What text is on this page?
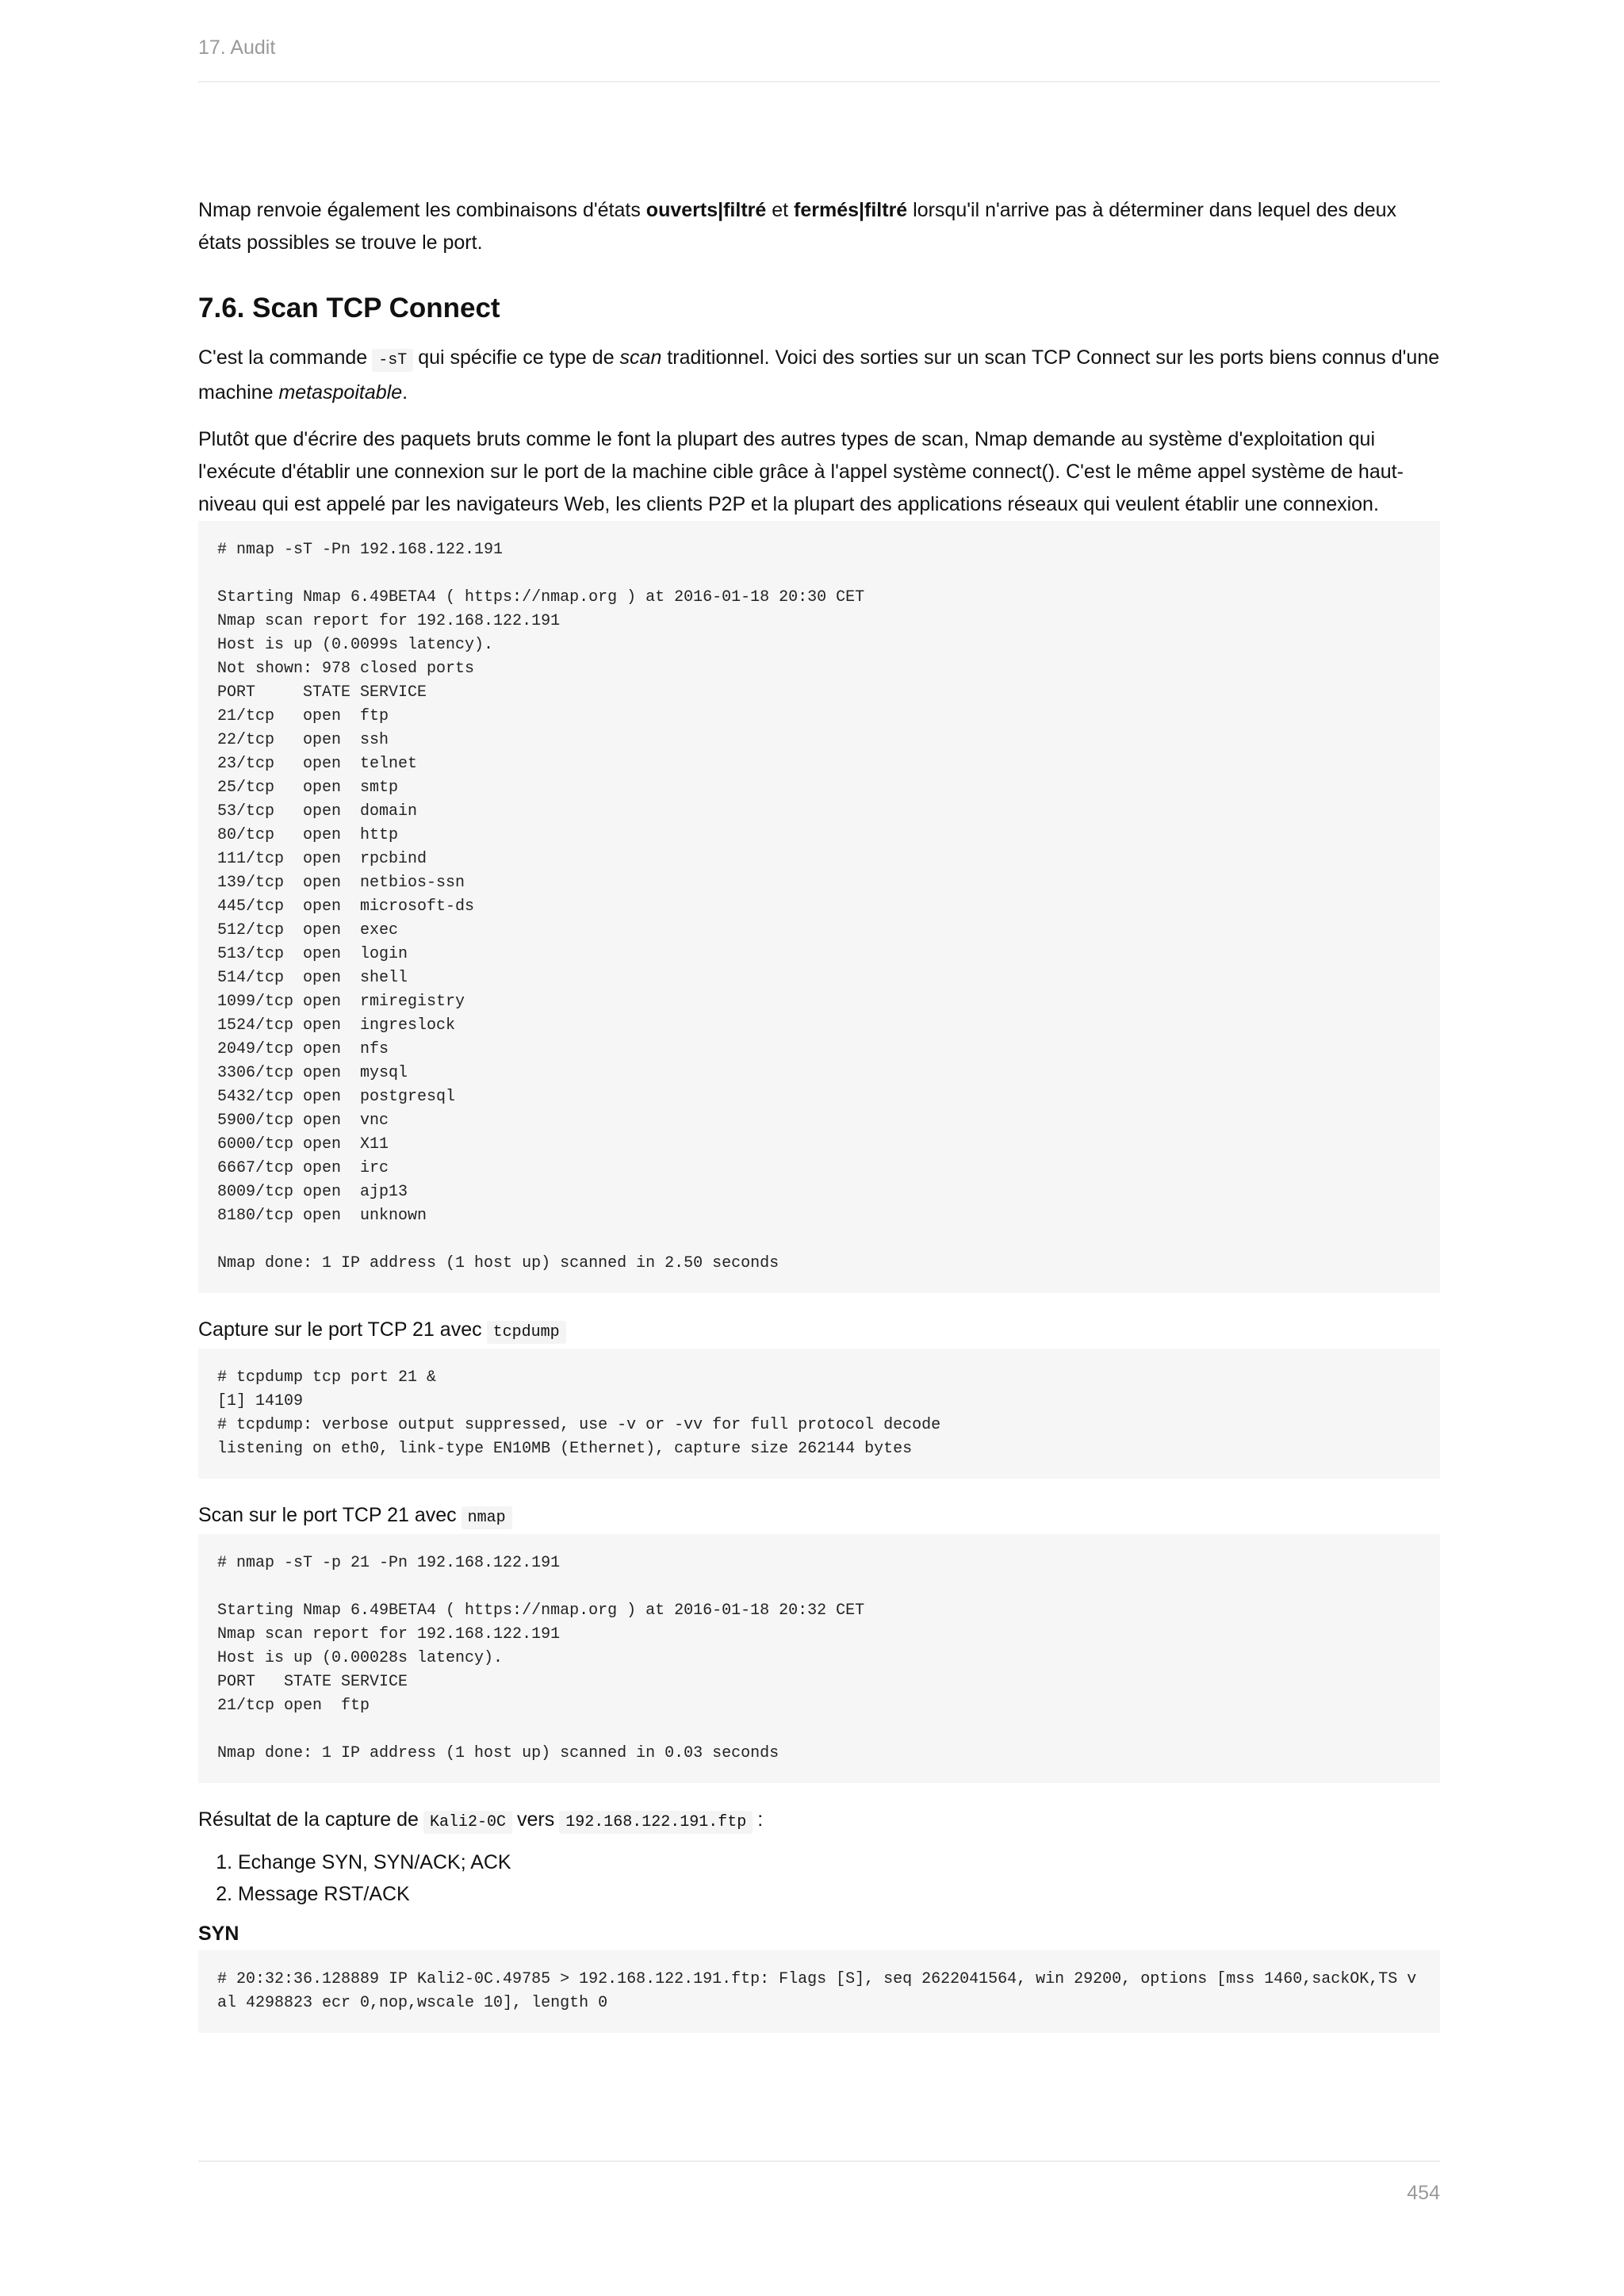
17. Audit

Nmap renvoie également les combinaisons d'états ouverts|filtré et fermés|filtré lorsqu'il n'arrive pas à déterminer dans lequel des deux états possibles se trouve le port.

7.6. Scan TCP Connect

C'est la commande -sT qui spécifie ce type de scan traditionnel. Voici des sorties sur un scan TCP Connect sur les ports biens connus d'une machine metaspoitable.

Plutôt que d'écrire des paquets bruts comme le font la plupart des autres types de scan, Nmap demande au système d'exploitation qui l'exécute d'établir une connexion sur le port de la machine cible grâce à l'appel système connect(). C'est le même appel système de haut-niveau qui est appelé par les navigateurs Web, les clients P2P et la plupart des applications réseaux qui veulent établir une connexion.

# nmap -sT -Pn 192.168.122.191

Starting Nmap 6.49BETA4 ( https://nmap.org ) at 2016-01-18 20:30 CET
Nmap scan report for 192.168.122.191
Host is up (0.0099s latency).
Not shown: 978 closed ports
PORT     STATE SERVICE
21/tcp   open  ftp
22/tcp   open  ssh
23/tcp   open  telnet
25/tcp   open  smtp
53/tcp   open  domain
80/tcp   open  http
111/tcp  open  rpcbind
139/tcp  open  netbios-ssn
445/tcp  open  microsoft-ds
512/tcp  open  exec
513/tcp  open  login
514/tcp  open  shell
1099/tcp open  rmiregistry
1524/tcp open  ingreslock
2049/tcp open  nfs
3306/tcp open  mysql
5432/tcp open  postgresql
5900/tcp open  vnc
6000/tcp open  X11
6667/tcp open  irc
8009/tcp open  ajp13
8180/tcp open  unknown

Nmap done: 1 IP address (1 host up) scanned in 2.50 seconds

Capture sur le port TCP 21 avec tcpdump

# tcpdump tcp port 21 &
[1] 14109
# tcpdump: verbose output suppressed, use -v or -vv for full protocol decode
listening on eth0, link-type EN10MB (Ethernet), capture size 262144 bytes

Scan sur le port TCP 21 avec nmap

# nmap -sT -p 21 -Pn 192.168.122.191

Starting Nmap 6.49BETA4 ( https://nmap.org ) at 2016-01-18 20:32 CET
Nmap scan report for 192.168.122.191
Host is up (0.00028s latency).
PORT   STATE SERVICE
21/tcp open  ftp

Nmap done: 1 IP address (1 host up) scanned in 0.03 seconds

Résultat de la capture de Kali2-0C vers 192.168.122.191.ftp :

1. Echange SYN, SYN/ACK; ACK
2. Message RST/ACK

SYN

# 20:32:36.128889 IP Kali2-0C.49785 > 192.168.122.191.ftp: Flags [S], seq 2622041564, win 29200, options [mss 1460,sackOK,TS val 4298823 ecr 0,nop,wscale 10], length 0
454
